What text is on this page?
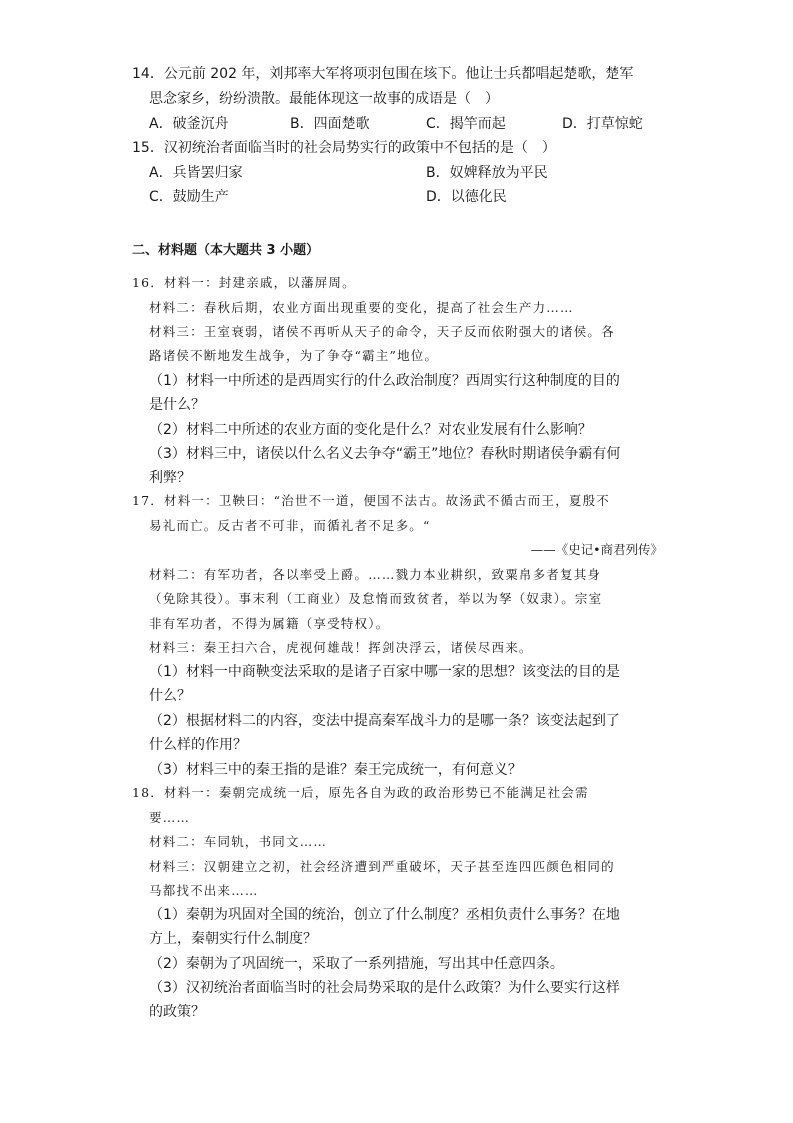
14．公元前 202 年，刘邦率大军将项羽包围在垓下。他让士兵都唱起楚歌，楚军
思念家乡，纷纷溃散。最能体现这一故事的成语是（　）
A．破釜沉舟	B．四面楚歌	C．揭竿而起	D．打草惊蛇
15．汉初统治者面临当时的社会局势实行的政策中不包括的是（　）
A．兵皆罢归家	B．奴婢释放为平民
C．鼓励生产	D．以德化民
二、材料题（本大题共 3 小题）
16．材料一：封建亲戚，以藩屏周。
材料二：春秋后期，农业方面出现重要的变化，提高了社会生产力……
材料三：王室衰弱，诸侯不再听从天子的命令，天子反而依附强大的诸侯。各
路诸侯不断地发生战争，为了争夺“霸主”地位。
（1）材料一中所述的是西周实行的什么政治制度？西周实行这种制度的目的
是什么？
（2）材料二中所述的农业方面的变化是什么？对农业发展有什么影响？
（3）材料三中，诸侯以什么名义去争夺“霸王”地位？春秋时期诸侯争霸有何
利弊？
17．材料一：卫鞅曰：“治世不一道，便国不法古。故汤武不循古而王，夏殷不
易礼而亡。反古者不可非，而循礼者不足多。“
——《史记•商君列传》
材料二：有军功者，各以率受上爵。……戮力本业耕织，致粟帛多者复其身
（免除其役）。事末利（工商业）及怠惰而致贫者，举以为孥（奴隶）。宗室
非有军功者，不得为属籍（享受特权）。
材料三：秦王扫六合，虎视何雄哉！挥剑决浮云，诸侯尽西来。
（1）材料一中商鞅变法采取的是诸子百家中哪一家的思想？该变法的目的是
什么？
（2）根据材料二的内容，变法中提高秦军战斗力的是哪一条？该变法起到了
什么样的作用？
（3）材料三中的秦王指的是谁？秦王完成统一，有何意义？
18．材料一：秦朝完成统一后，原先各自为政的政治形势已不能满足社会需
要……
材料二：车同轨，书同文……
材料三：汉朝建立之初，社会经济遭到严重破坏，天子甚至连四匹颜色相同的
马都找不出来……
（1）秦朝为巩固对全国的统治，创立了什么制度？丞相负责什么事务？在地
方上，秦朝实行什么制度？
（2）秦朝为了巩固统一，采取了一系列措施，写出其中任意四条。
（3）汉初统治者面临当时的社会局势采取的是什么政策？为什么要实行这样
的政策？
